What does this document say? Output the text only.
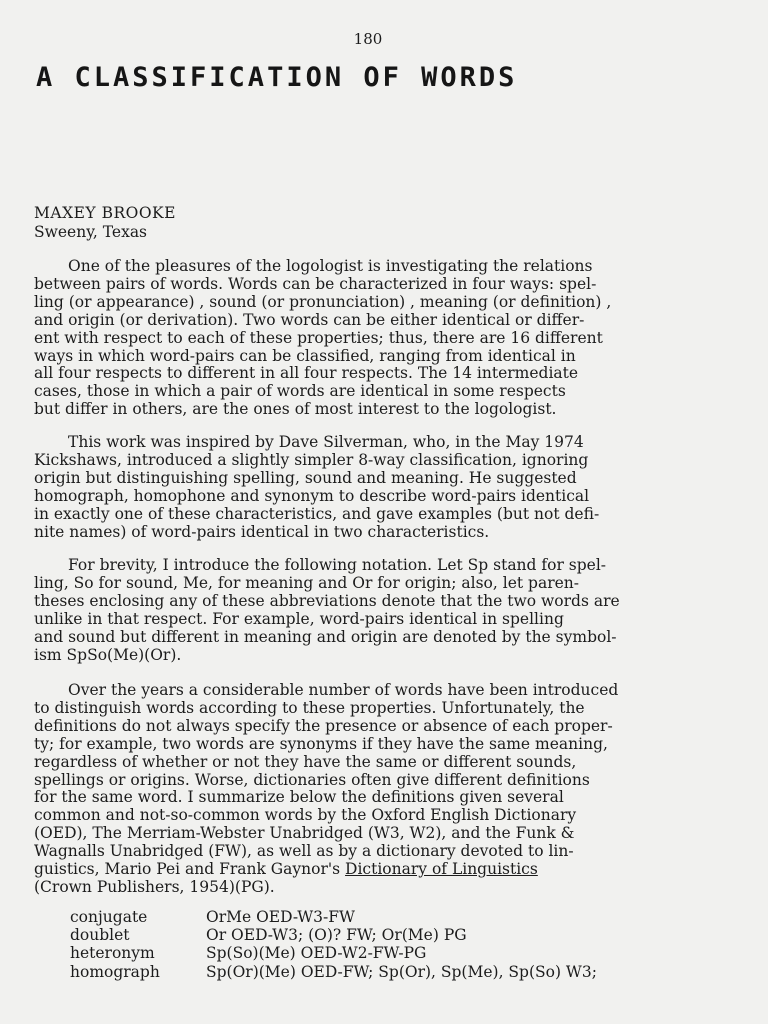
180
A CLASSIFICATION OF WORDS
MAXEY BROOKE
Sweeny, Texas

One of the pleasures of the logologist is investigating the relations
between pairs of words. Words can be characterized in four ways: spel-
ling (or appearance) , sound (or pronunciation) , meaning (or definition) ,
and origin (or derivation). Two words can be either identical or differ-
ent with respect to each of these properties; thus, there are 16 different
ways in which word-pairs can be classified, ranging from identical in
all four respects to different in all four respects. The 14 intermediate
cases, those in which a pair of words are identical in some respects
but differ in others, are the ones of most interest to the logologist.

This work was inspired by Dave Silverman, who, in the May 1974
Kickshaws, introduced a slightly simpler 8-way classification, ignoring
origin but distinguishing spelling, sound and meaning. He suggested
homograph, homophone and synonym to describe word-pairs identical
in exactly one of these characteristics, and gave examples (but not defi-
nite names) of word-pairs identical in two characteristics.

For brevity, I introduce the following notation. Let Sp stand for spel-
ling, So for sound, Me, for meaning and Or for origin; also, let paren-
theses enclosing any of these abbreviations denote that the two words are
unlike in that respect. For example, word-pairs identical in spelling
and sound but different in meaning and origin are denoted by the symbol-
ism SpSo(Me)(Or).

Over the years a considerable number of words have been introduced
to distinguish words according to these properties. Unfortunately, the
definitions do not always specify the presence or absence of each proper-
ty; for example, two words are synonyms if they have the same meaning,
regardless of whether or not they have the same or different sounds,
spellings or origins. Worse, dictionaries often give different definitions
for the same word. I summarize below the definitions given several
common and not-so-common words by the Oxford English Dictionary
(OED), The Merriam-Webster Unabridged (W3, W2), and the Funk &
Wagnalls Unabridged (FW), as well as by a dictionary devoted to lin-
guistics, Mario Pei and Frank Gaynor's Dictionary of Linguistics
(Crown Publishers, 1954)(PG).

conjugate	OrMe OED-W3-FW
doublet	Or OED-W3; (O)? FW; Or(Me) PG
heteronym	Sp(So)(Me) OED-W2-FW-PG
homograph	Sp(Or)(Me) OED-FW; Sp(Or), Sp(Me), Sp(So) W3;
